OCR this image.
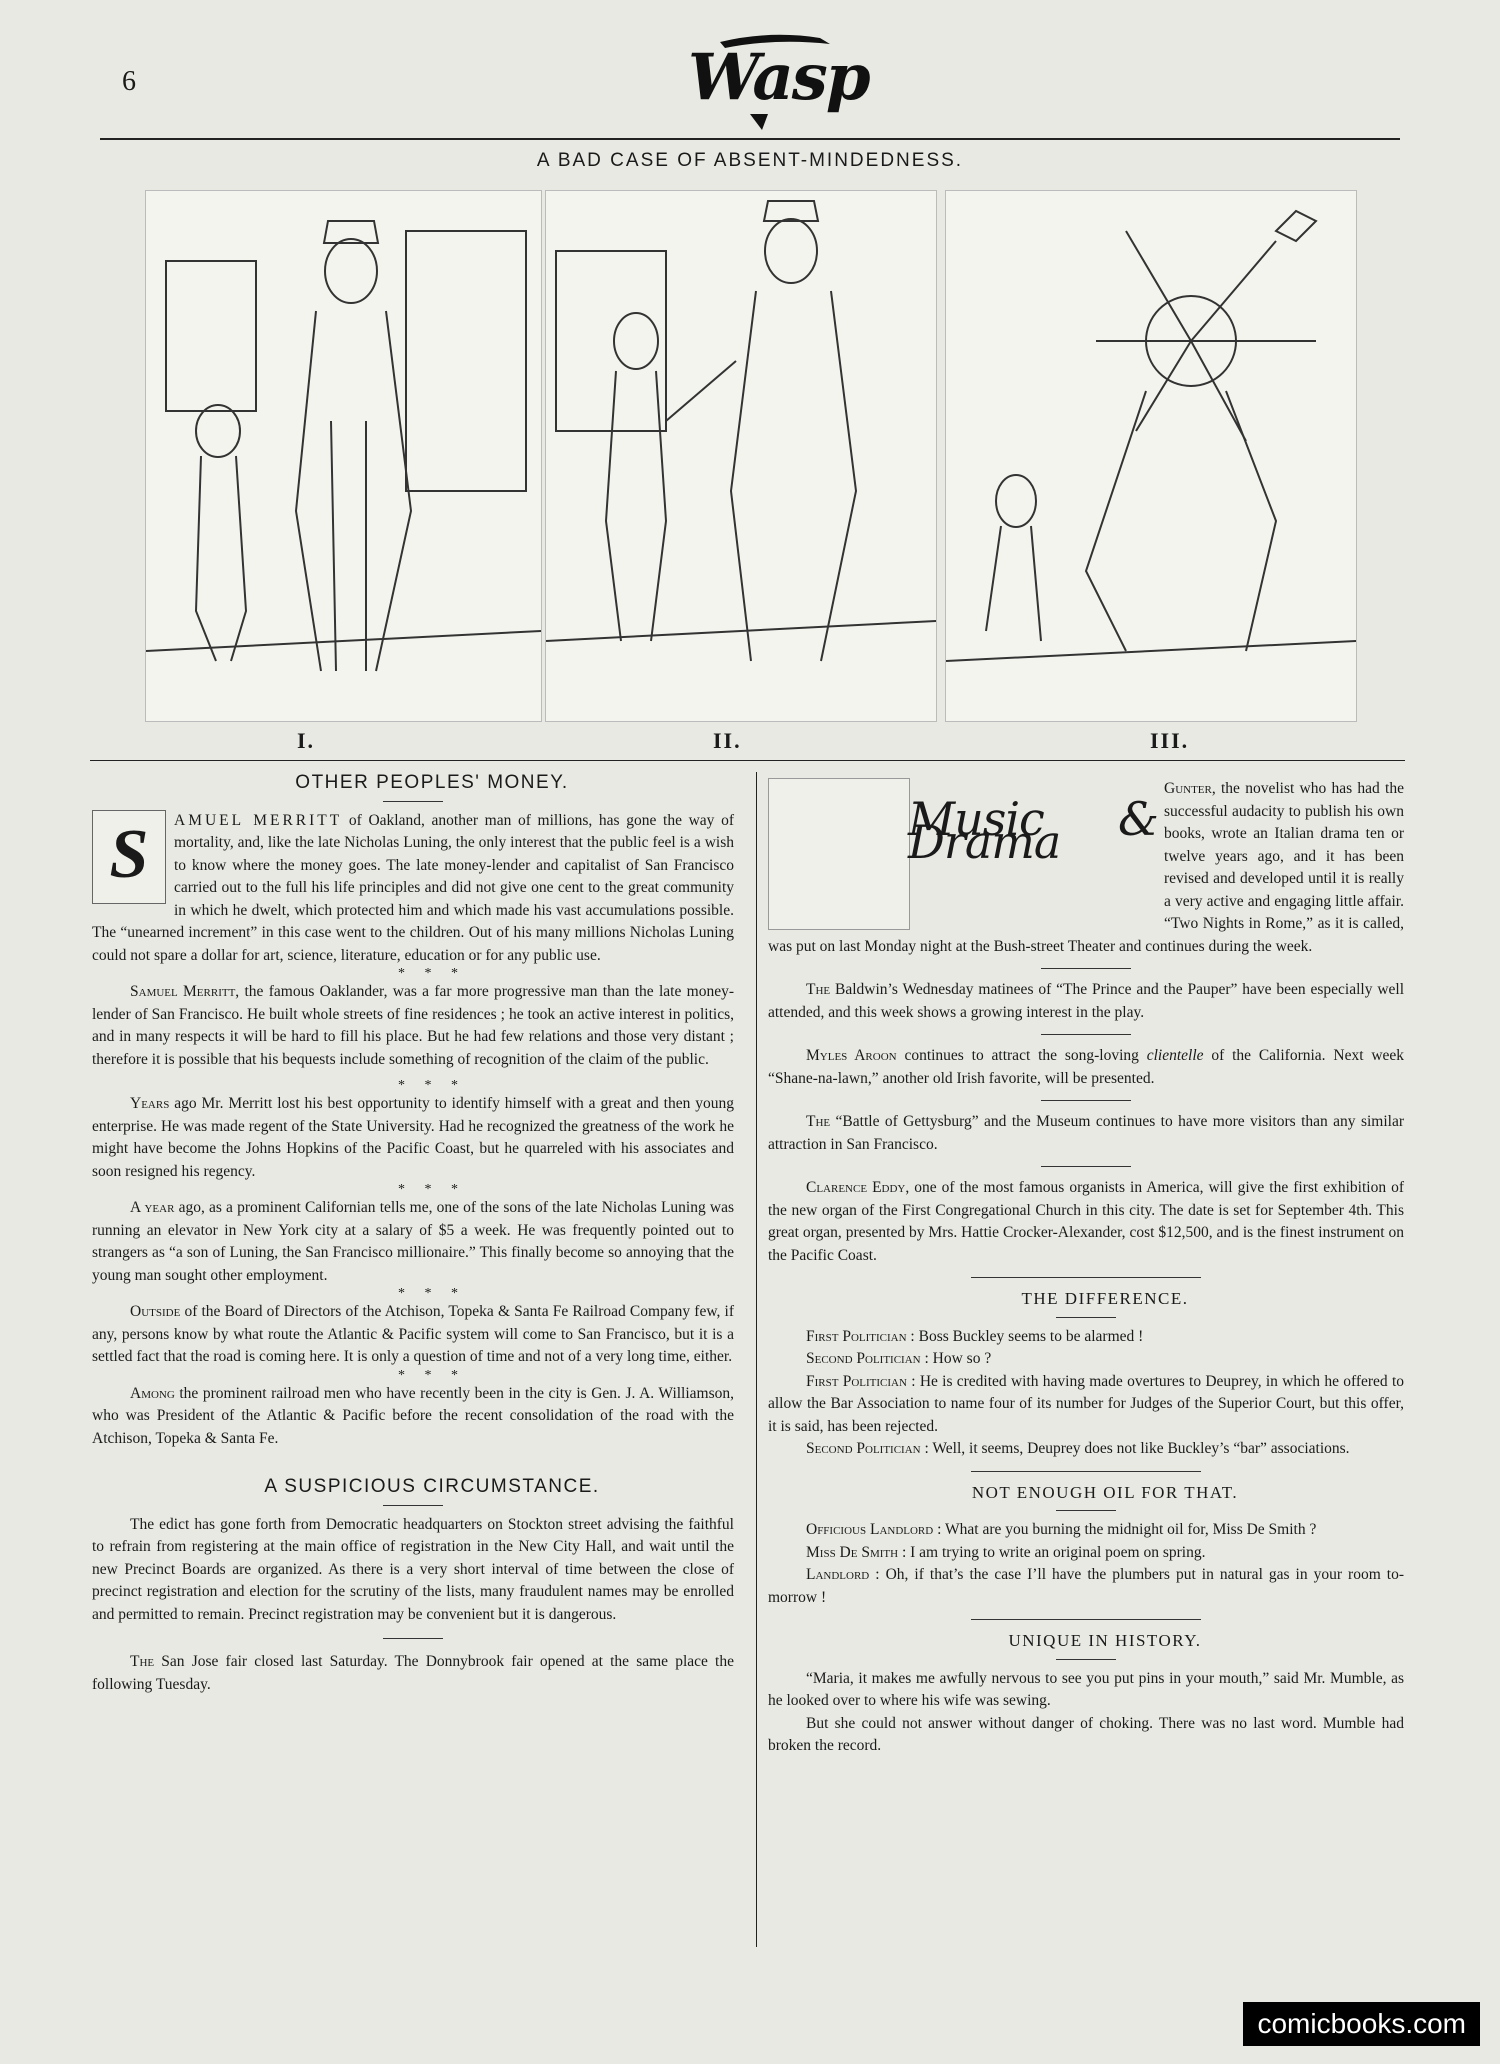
6	Wasp
A BAD CASE OF ABSENT-MINDEDNESS.
I.	II.	III.

OTHER PEOPLES' MONEY.

S	AMUEL MERRITT of Oakland, another man of millions, has gone the way of mortality, and, like the late Nicholas Luning, the only interest that the public feel is a wish to know where the money goes. The late money-lender and capitalist of San Francisco carried out to the full his life principles and did not give one cent to the great community in which he dwelt, which protected him and which made his vast accumulations possible. The “unearned increment” in this case went to the children. Out of his many millions Nicholas Luning could not spare a dollar for art, science, literature, education or for any public use.

* * *

Samuel Merritt, the famous Oaklander, was a far more progressive man than the late money-lender of San Francisco. He built whole streets of fine residences ; he took an active interest in politics, and in many respects it will be hard to fill his place. But he had few relations and those very distant ; therefore it is possible that his bequests include something of recognition of the claim of the public.

* * *

Years ago Mr. Merritt lost his best opportunity to identify himself with a great and then young enterprise. He was made regent of the State University. Had he recognized the greatness of the work he might have become the Johns Hopkins of the Pacific Coast, but he quarreled with his associates and soon resigned his regency.

* * *

A year ago, as a prominent Californian tells me, one of the sons of the late Nicholas Luning was running an elevator in New York city at a salary of $5 a week. He was frequently pointed out to strangers as “a son of Luning, the San Francisco millionaire.” This finally become so annoying that the young man sought other employment.

* * *

Outside of the Board of Directors of the Atchison, Topeka & Santa Fe Railroad Company few, if any, persons know by what route the Atlantic & Pacific system will come to San Francisco, but it is a settled fact that the road is coming here. It is only a question of time and not of a very long time, either.

* * *

Among the prominent railroad men who have recently been in the city is Gen. J. A. Williamson, who was President of the Atlantic & Pacific before the recent consolidation of the road with the Atchison, Topeka & Santa Fe.

A SUSPICIOUS CIRCUMSTANCE.

The edict has gone forth from Democratic headquarters on Stockton street advising the faithful to refrain from registering at the main office of registration in the New City Hall, and wait until the new Precinct Boards are organized. As there is a very short interval of time between the close of precinct registration and election for the scrutiny of the lists, many fraudulent names may be enrolled and permitted to remain. Precinct registration may be convenient but it is dangerous.

The San Jose fair closed last Saturday. The Donnybrook fair opened at the same place the following Tuesday.

Music & Drama
Gunter, the novelist who has had the successful audacity to publish his own books, wrote an Italian drama ten or twelve years ago, and it has been revised and developed until it is really a very active and engaging little affair. “Two Nights in Rome,” as it is called, was put on last Monday night at the Bush-street Theater and continues during the week.

The Baldwin’s Wednesday matinees of “The Prince and the Pauper” have been especially well attended, and this week shows a growing interest in the play.

Myles Aroon continues to attract the song-loving clientelle of the California. Next week “Shane-na-lawn,” another old Irish favorite, will be presented.

The “Battle of Gettysburg” and the Museum continues to have more visitors than any similar attraction in San Francisco.

Clarence Eddy, one of the most famous organists in America, will give the first exhibition of the new organ of the First Congregational Church in this city. The date is set for September 4th. This great organ, presented by Mrs. Hattie Crocker-Alexander, cost $12,500, and is the finest instrument on the Pacific Coast.

THE DIFFERENCE.

First Politician : Boss Buckley seems to be alarmed !

Second Politician : How so ?

First Politician : He is credited with having made overtures to Deuprey, in which he offered to allow the Bar Association to name four of its number for Judges of the Superior Court, but this offer, it is said, has been rejected.

Second Politician : Well, it seems, Deuprey does not like Buckley’s “bar” associations.

NOT ENOUGH OIL FOR THAT.

Officious Landlord : What are you burning the midnight oil for, Miss De Smith ?

Miss De Smith : I am trying to write an original poem on spring.

Landlord : Oh, if that’s the case I’ll have the plumbers put in natural gas in your room to-morrow !

UNIQUE IN HISTORY.

“Maria, it makes me awfully nervous to see you put pins in your mouth,” said Mr. Mumble, as he looked over to where his wife was sewing.

But she could not answer without danger of choking. There was no last word. Mumble had broken the record.

comicbooks.com
